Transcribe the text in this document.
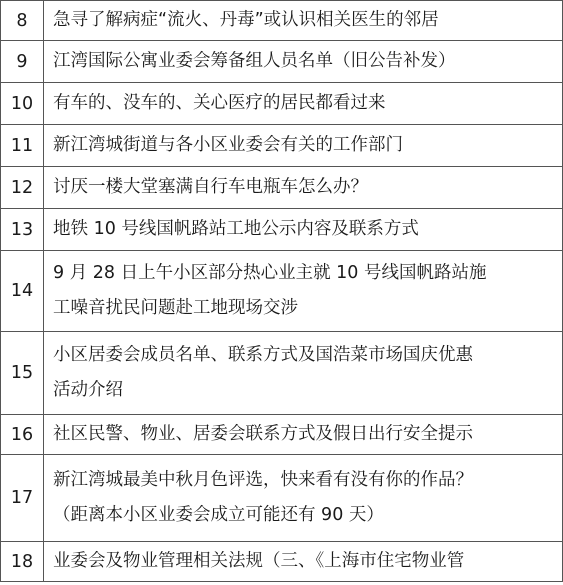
8	急寻了解病症“流火、丹毒”或认识相关医生的邻居

9	江湾国际公寓业委会筹备组人员名单（旧公告补发）

10	有车的、没车的、关心医疗的居民都看过来

11	新江湾城街道与各小区业委会有关的工作部门

12	讨厌一楼大堂塞满自行车电瓶车怎么办？

13	地铁 10 号线国帆路站工地公示内容及联系方式

14	9 月 28 日上午小区部分热心业主就 10 号线国帆路站施
工噪音扰民问题赴工地现场交涉

15	小区居委会成员名单、联系方式及国浩菜市场国庆优惠
活动介绍

16	社区民警、物业、居委会联系方式及假日出行安全提示

17	新江湾城最美中秋月色评选，快来看有没有你的作品？
（距离本小区业委会成立可能还有 90 天）

18	业委会及物业管理相关法规（三、《上海市住宅物业管
